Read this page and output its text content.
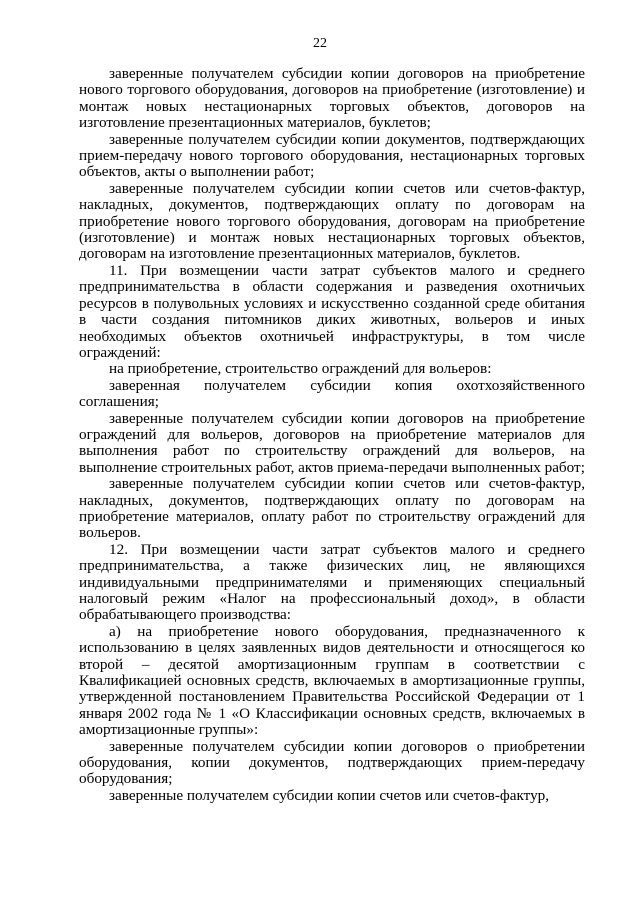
22

заверенные получателем субсидии копии договоров на приобретение нового торгового оборудования, договоров на приобретение (изготовление) и монтаж новых нестационарных торговых объектов, договоров на изготовление презентационных материалов, буклетов;

заверенные получателем субсидии копии документов, подтверждающих прием-передачу нового торгового оборудования, нестационарных торговых объектов, акты о выполнении работ;

заверенные получателем субсидии копии счетов или счетов-фактур, накладных, документов, подтверждающих оплату по договорам на приобретение нового торгового оборудования, договорам на приобретение (изготовление) и монтаж новых нестационарных торговых объектов, договорам на изготовление презентационных материалов, буклетов.

11. При возмещении части затрат субъектов малого и среднего предпринимательства в области содержания и разведения охотничьих ресурсов в полувольных условиях и искусственно созданной среде обитания в части создания питомников диких животных, вольеров и иных необходимых объектов охотничьей инфраструктуры, в том числе ограждений:

на приобретение, строительство ограждений для вольеров:

заверенная получателем субсидии копия охотхозяйственного соглашения;

заверенные получателем субсидии копии договоров на приобретение ограждений для вольеров, договоров на приобретение материалов для выполнения работ по строительству ограждений для вольеров, на выполнение строительных работ, актов приема-передачи выполненных работ;

заверенные получателем субсидии копии счетов или счетов-фактур, накладных, документов, подтверждающих оплату по договорам на приобретение материалов, оплату работ по строительству ограждений для вольеров.

12. При возмещении части затрат субъектов малого и среднего предпринимательства, а также физических лиц, не являющихся индивидуальными предпринимателями и применяющих специальный налоговый режим «Налог на профессиональный доход», в области обрабатывающего производства:

а) на приобретение нового оборудования, предназначенного к использованию в целях заявленных видов деятельности и относящегося ко второй – десятой амортизационным группам в соответствии с Квалификацией основных средств, включаемых в амортизационные группы, утвержденной постановлением Правительства Российской Федерации от 1 января 2002 года № 1 «О Классификации основных средств, включаемых в амортизационные группы»:

заверенные получателем субсидии копии договоров о приобретении оборудования, копии документов, подтверждающих прием-передачу оборудования;

заверенные получателем субсидии копии счетов или счетов-фактур,
